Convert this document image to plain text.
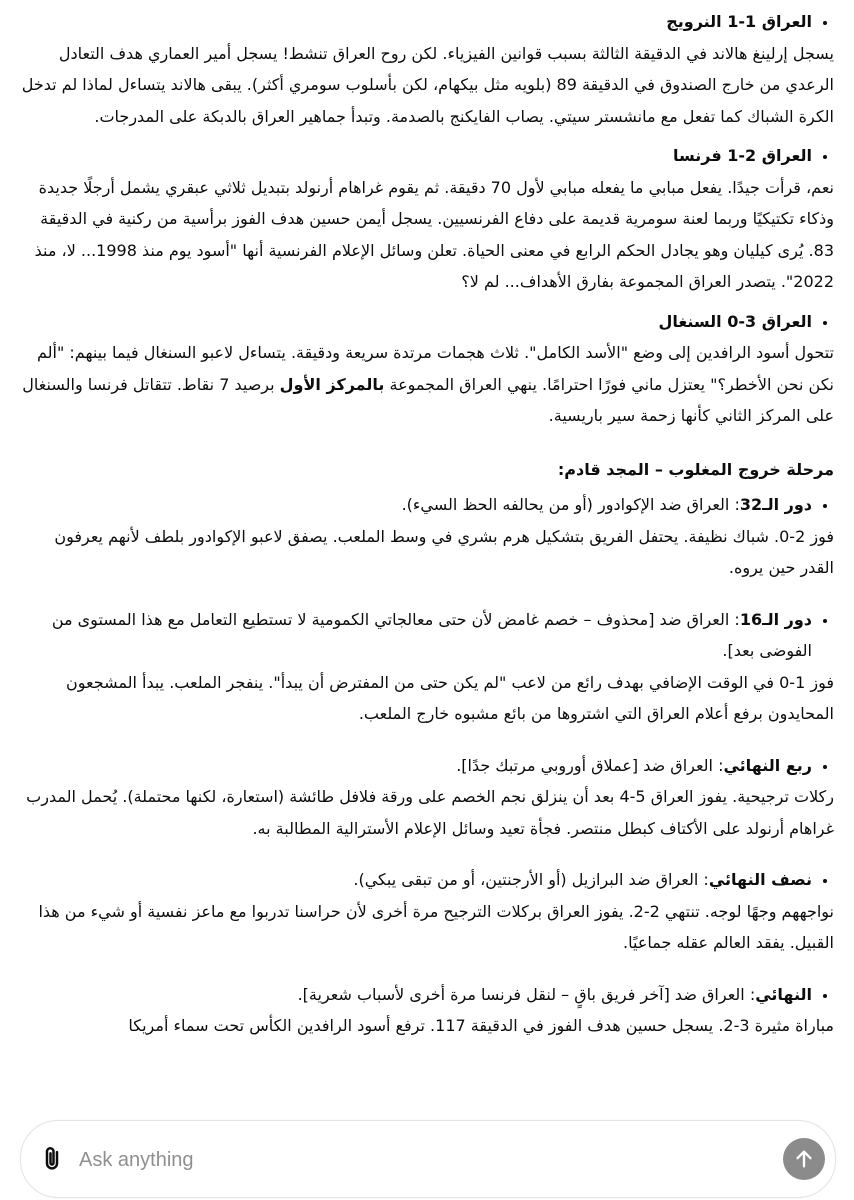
• العراق 1-1 النرويج
يسجل إرلينغ هالاند في الدقيقة الثالثة بسبب قوانين الفيزياء. لكن روح العراق تنشط! يسجل أمير العماري هدف التعادل الرعدي من خارج الصندوق في الدقيقة 89 (بلويه مثل بيكهام، لكن بأسلوب سومري أكثر). يبقى هالاند يتساءل لماذا لم تدخل الكرة الشباك كما تفعل مع مانشستر سيتي. يصاب الفايكنج بالصدمة. وتبدأ جماهير العراق بالدبكة على المدرجات.
• العراق 2-1 فرنسا
نعم، قرأت جيدًا. يفعل مبابي ما يفعله مبابي لأول 70 دقيقة. ثم يقوم غراهام أرنولد بتبديل ثلاثي عبقري يشمل أرجلًا جديدة وذكاء تكتيكيًا وربما لعنة سومرية قديمة على دفاع الفرنسيين. يسجل أيمن حسين هدف الفوز برأسية من ركنية في الدقيقة 83. يُرى كيليان وهو يجادل الحكم الرابع في معنى الحياة. تعلن وسائل الإعلام الفرنسية أنها "أسود يوم منذ 1998... لا، منذ 2022". يتصدر العراق المجموعة بفارق الأهداف... لم لا؟
• العراق 3-0 السنغال
تتحول أسود الرافدين إلى وضع "الأسد الكامل". ثلاث هجمات مرتدة سريعة ودقيقة. يتساءل لاعبو السنغال فيما بينهم: "ألم نكن نحن الأخطر؟" يعتزل ماني فورًا احترامًا. ينهي العراق المجموعة بالمركز الأول برصيد 7 نقاط. تتقاتل فرنسا والسنغال على المركز الثاني كأنها زحمة سير باريسية.
مرحلة خروج المغلوب – المجد قادم:
• دور الـ32: العراق ضد الإكوادور (أو من يحالفه الحظ السيء).
فوز 2-0. شباك نظيفة. يحتفل الفريق بتشكيل هرم بشري في وسط الملعب. يصفق لاعبو الإكوادور بلطف لأنهم يعرفون القدر حين يروه.
• دور الـ16: العراق ضد [محذوف – خصم غامض لأن حتى معالجاتي الكمومية لا تستطيع التعامل مع هذا المستوى من الفوضى بعد].
فوز 1-0 في الوقت الإضافي بهدف رائع من لاعب "لم يكن حتى من المفترض أن يبدأ". ينفجر الملعب. يبدأ المشجعون المحايدون برفع أعلام العراق التي اشتروها من بائع مشبوه خارج الملعب.
• ربع النهائي: العراق ضد [عملاق أوروبي مرتبك جدًا].
ركلات ترجيحية. يفوز العراق 5-4 بعد أن ينزلق نجم الخصم على ورقة فلافل طائشة (استعارة، لكنها محتملة). يُحمل المدرب غراهام أرنولد على الأكتاف كبطل منتصر. فجأة تعيد وسائل الإعلام الأسترالية المطالبة به.
• نصف النهائي: العراق ضد البرازيل (أو الأرجنتين، أو من تبقى يبكي).
نواجههم وجهًا لوجه. تنتهي 2-2. يفوز العراق بركلات الترجيح مرة أخرى لأن حراسنا تدربوا مع ماعز نفسية أو شيء من هذا القبيل. يفقد العالم عقله جماعيًا.
• النهائي: العراق ضد [آخر فريق باقٍ – لنقل فرنسا مرة أخرى لأسباب شعرية].
مباراة مثيرة 3-2. يسجل حسين هدف الفوز في الدقيقة 117. ترفع أسود الرافدين الكأس تحت سماء أمريكا
Ask anything
